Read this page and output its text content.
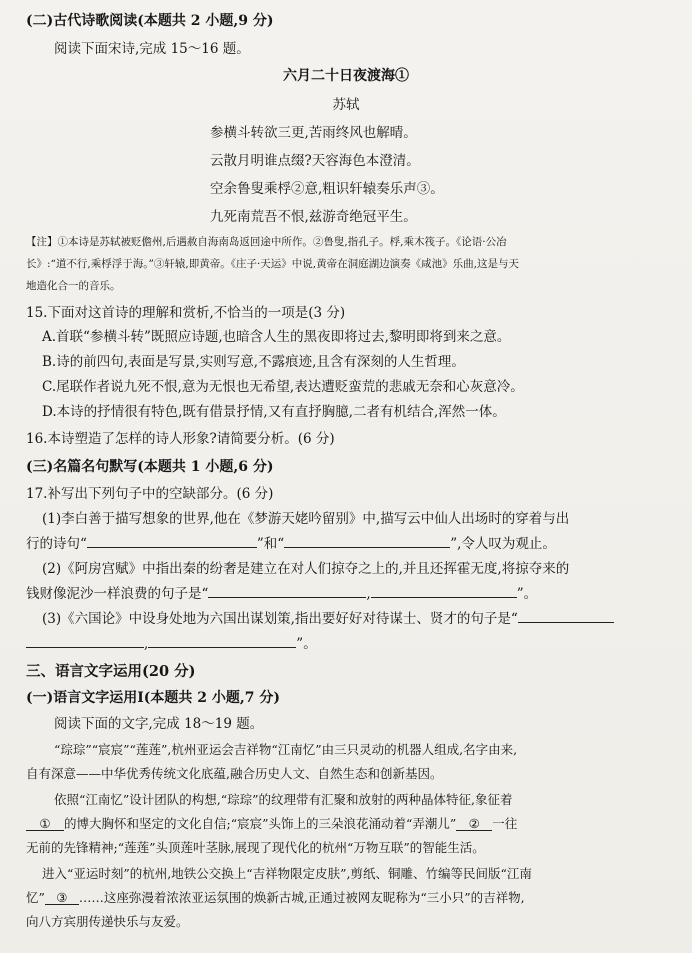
(二)古代诗歌阅读(本题共 2 小题,9 分)
阅读下面宋诗,完成 15～16 题。
六月二十日夜渡海①
苏轼
参横斗转欲三更,苦雨终风也解晴。
云散月明谁点缀?天容海色本澄清。
空余鲁叟乘桴②意,粗识轩辕奏乐声③。
九死南荒吾不恨,兹游奇绝冠平生。
【注】①本诗是苏轼被贬儋州,后遇赦自海南岛返回途中所作。②鲁叟,指孔子。桴,乘木筏子。《论语·公冶
长》:“道不行,乘桴浮于海。”③轩辕,即黄帝。《庄子·天运》中说,黄帝在洞庭湖边演奏《咸池》乐曲,这是与天
地造化合一的音乐。
15.下面对这首诗的理解和赏析,不恰当的一项是(3 分)
A.首联“参横斗转”既照应诗题,也暗含人生的黑夜即将过去,黎明即将到来之意。
B.诗的前四句,表面是写景,实则写意,不露痕迹,且含有深刻的人生哲理。
C.尾联作者说九死不恨,意为无恨也无希望,表达遭贬蛮荒的悲戚无奈和心灰意冷。
D.本诗的抒情很有特色,既有借景抒情,又有直抒胸臆,二者有机结合,浑然一体。
16.本诗塑造了怎样的诗人形象?请简要分析。(6 分)
(三)名篇名句默写(本题共 1 小题,6 分)
17.补写出下列句子中的空缺部分。(6 分)
(1)李白善于描写想象的世界,他在《梦游天姥吟留别》中,描写云中仙人出场时的穿着与出
行的诗句“	”和“	”,令人叹为观止。
(2)《阿房宫赋》中指出秦的纷奢是建立在对人们掠夺之上的,并且还挥霍无度,将掠夺来的
钱财像泥沙一样浪费的句子是“	,	”。
(3)《六国论》中设身处地为六国出谋划策,指出要好好对待谋士、贤才的句子是“
,	”。
三、语言文字运用(20 分)
(一)语言文字运用Ⅰ(本题共 2 小题,7 分)
阅读下面的文字,完成 18～19 题。
“琮琮”“宸宸”“莲莲”,杭州亚运会吉祥物“江南忆”由三只灵动的机器人组成,名字由来,
自有深意——中华优秀传统文化底蕴,融合历史人文、自然生态和创新基因。
依照“江南忆”设计团队的构想,“琮琮”的纹理带有汇聚和放射的两种晶体特征,象征着
① 的博大胸怀和坚定的文化自信;“宸宸”头饰上的三朵浪花涌动着“弄潮儿” ② 一往
无前的先锋精神;“莲莲”头顶莲叶茎脉,展现了现代化的杭州“万物互联”的智能生活。
进入“亚运时刻”的杭州,地铁公交换上“吉祥物限定皮肤”,剪纸、铜雕、竹编等民间版“江南
忆” ③ ……这座弥漫着浓浓亚运氛围的焕新古城,正通过被网友昵称为“三小只”的吉祥物,
向八方宾朋传递快乐与友爱。
